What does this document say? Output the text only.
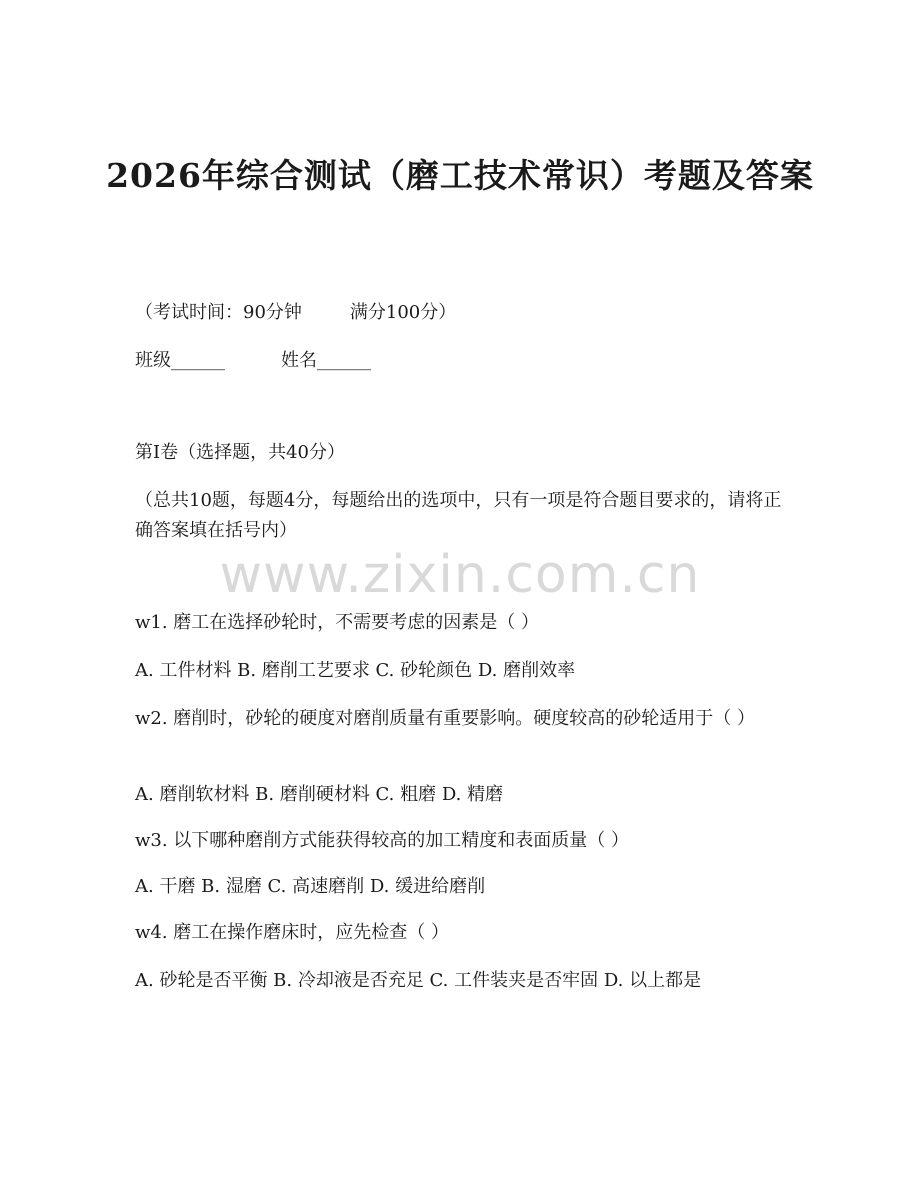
2026年综合测试（磨工技术常识）考题及答案
（考试时间：90分钟	满分100分）
班级______	姓名______
第I卷（选择题，共40分）
（总共10题，每题4分，每题给出的选项中，只有一项是符合题目要求的，请将正确答案填在括号内）
www.zixin.com.cn
w1. 磨工在选择砂轮时，不需要考虑的因素是（ ）
A. 工件材料 B. 磨削工艺要求 C. 砂轮颜色 D. 磨削效率
w2. 磨削时，砂轮的硬度对磨削质量有重要影响。硬度较高的砂轮适用于（ ）
A. 磨削软材料 B. 磨削硬材料 C. 粗磨 D. 精磨
w3. 以下哪种磨削方式能获得较高的加工精度和表面质量（ ）
A. 干磨 B. 湿磨 C. 高速磨削 D. 缓进给磨削
w4. 磨工在操作磨床时，应先检查（ ）
A. 砂轮是否平衡 B. 冷却液是否充足 C. 工件装夹是否牢固 D. 以上都是
